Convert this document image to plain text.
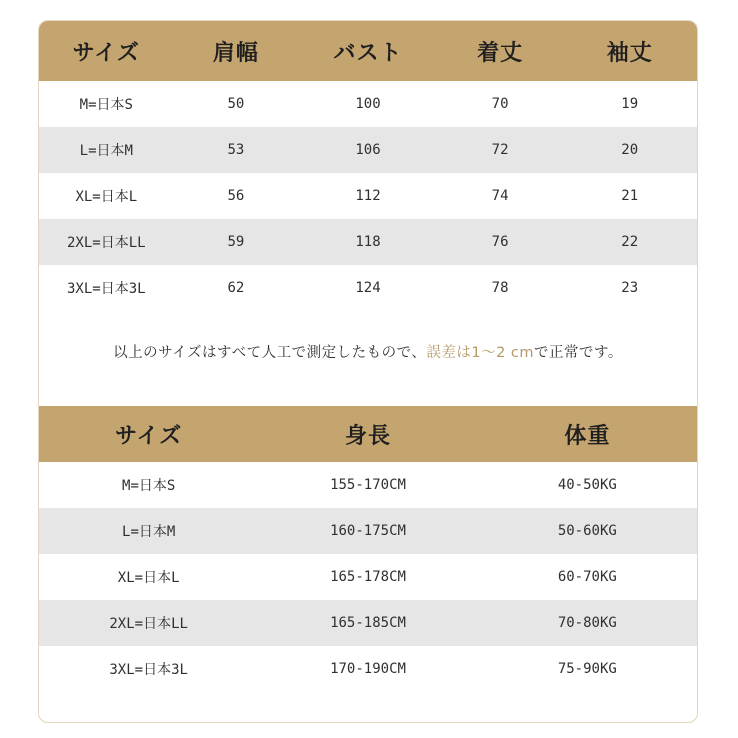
サイズ	肩幅	バスト	着丈	袖丈
M=日本S	50	100	70	19
L=日本M	53	106	72	20
XL=日本L	56	112	74	21
2XL=日本LL	59	118	76	22
3XL=日本3L	62	124	78	23
以上のサイズはすべて人工で測定したもので、誤差は1～2 cmで正常です。
サイズ	身長	体重
M=日本S	155-170CM	40-50KG
L=日本M	160-175CM	50-60KG
XL=日本L	165-178CM	60-70KG
2XL=日本LL	165-185CM	70-80KG
3XL=日本3L	170-190CM	75-90KG
